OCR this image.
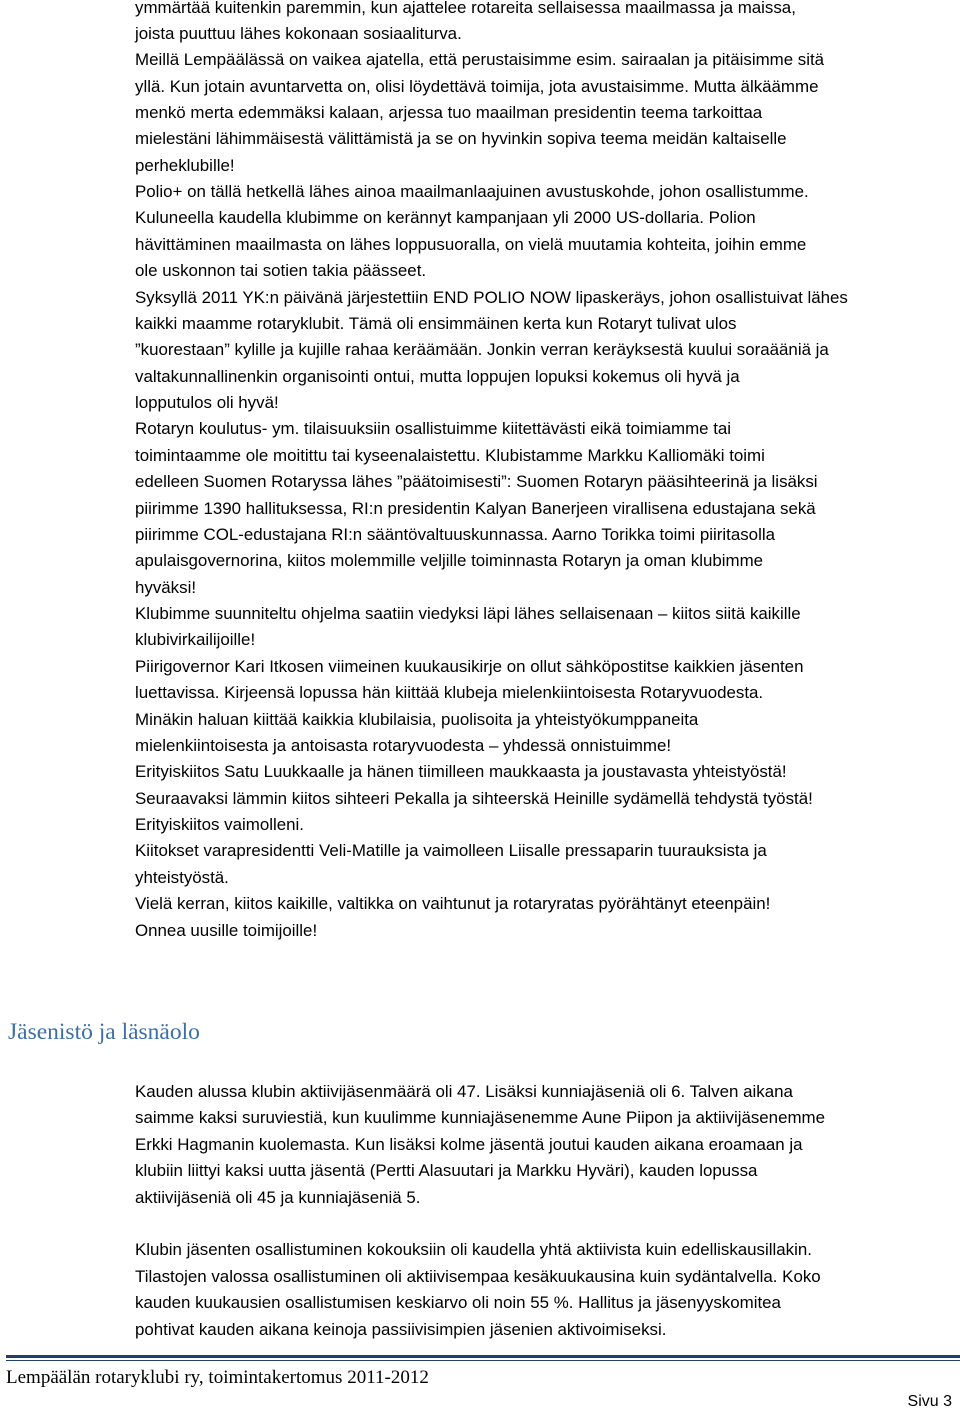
ymmärtää kuitenkin paremmin, kun ajattelee rotareita sellaisessa maailmassa ja maissa,

joista puuttuu lähes kokonaan sosiaaliturva.

Meillä Lempäälässä on vaikea ajatella, että perustaisimme esim. sairaalan ja pitäisimme sitä

yllä. Kun jotain avuntarvetta on, olisi löydettävä toimija, jota avustaisimme. Mutta älkäämme

menkö merta edemmäksi kalaan, arjessa tuo maailman presidentin teema tarkoittaa

mielestäni lähimmäisestä välittämistä ja se on hyvinkin sopiva teema meidän kaltaiselle

perheklubille!

Polio+ on tällä hetkellä lähes ainoa maailmanlaajuinen avustuskohde, johon osallistumme.

Kuluneella kaudella klubimme on kerännyt kampanjaan yli 2000 US-dollaria. Polion

hävittäminen maailmasta on lähes loppusuoralla, on vielä muutamia kohteita, joihin emme

ole uskonnon tai sotien takia päässeet.

Syksyllä 2011 YK:n päivänä järjestettiin END POLIO NOW lipaskeräys, johon osallistuivat lähes

kaikki maamme rotaryklubit. Tämä oli ensimmäinen kerta kun Rotaryt tulivat ulos

”kuorestaan” kylille ja kujille rahaa keräämään. Jonkin verran keräyksestä kuului soraääniä ja

valtakunnallinenkin organisointi ontui, mutta loppujen lopuksi kokemus oli hyvä ja

lopputulos oli hyvä!

Rotaryn koulutus- ym. tilaisuuksiin osallistuimme kiitettävästi eikä toimiamme tai

toimintaamme ole moitittu tai kyseenalaistettu. Klubistamme Markku Kalliomäki toimi

edelleen Suomen Rotaryssa lähes ”päätoimisesti”: Suomen Rotaryn pääsihteerinä ja lisäksi

piirimme 1390 hallituksessa, RI:n presidentin Kalyan Banerjeen virallisena edustajana sekä

piirimme COL-edustajana RI:n sääntövaltuuskunnassa. Aarno Torikka toimi piiritasolla

apulaisgovernorina, kiitos molemmille veljille toiminnasta Rotaryn ja oman klubimme

hyväksi!

Klubimme suunniteltu ohjelma saatiin viedyksi läpi lähes sellaisenaan – kiitos siitä kaikille

klubivirkailijoille!

Piirigovernor Kari Itkosen viimeinen kuukausikirje on ollut sähköpostitse kaikkien jäsenten

luettavissa. Kirjeensä lopussa hän kiittää klubeja mielenkiintoisesta Rotaryvuodesta.

Minäkin haluan kiittää kaikkia klubilaisia, puolisoita ja yhteistyökumppaneita

mielenkiintoisesta ja antoisasta rotaryvuodesta – yhdessä onnistuimme!

Erityiskiitos Satu Luukkaalle ja hänen tiimilleen maukkaasta ja joustavasta yhteistyöstä!

Seuraavaksi lämmin kiitos sihteeri Pekalla ja sihteerskä Heinille sydämellä tehdystä työstä!

Erityiskiitos vaimolleni.

Kiitokset varapresidentti Veli-Matille ja vaimolleen Liisalle pressaparin tuurauksista ja

yhteistyöstä.

Vielä kerran, kiitos kaikille, valtikka on vaihtunut ja rotaryratas pyörähtänyt eteenpäin!

Onnea uusille toimijoille!

Jäsenistö ja läsnäolo

Kauden alussa klubin aktiivijäsenmäärä oli 47. Lisäksi kunniajäseniä oli 6. Talven aikana

saimme kaksi suruviestiä, kun kuulimme kunniajäsenemme Aune Piipon ja aktiivijäsenemme

Erkki Hagmanin kuolemasta. Kun lisäksi kolme jäsentä joutui kauden aikana eroamaan ja

klubiin liittyi kaksi uutta jäsentä (Pertti Alasuutari ja Markku Hyväri), kauden lopussa

aktiivijäseniä oli 45 ja kunniajäseniä 5.

Klubin jäsenten osallistuminen kokouksiin oli kaudella yhtä aktiivista kuin edelliskausillakin.

Tilastojen valossa osallistuminen oli aktiivisempaa kesäkuukausina kuin sydäntalvella. Koko

kauden kuukausien osallistumisen keskiarvo oli noin 55 %. Hallitus ja jäsenyyskomitea

pohtivat kauden aikana keinoja passiivisimpien jäsenien aktivoimiseksi.

Lempäälän rotaryklubi ry, toimintakertomus 2011-2012

Sivu 3
